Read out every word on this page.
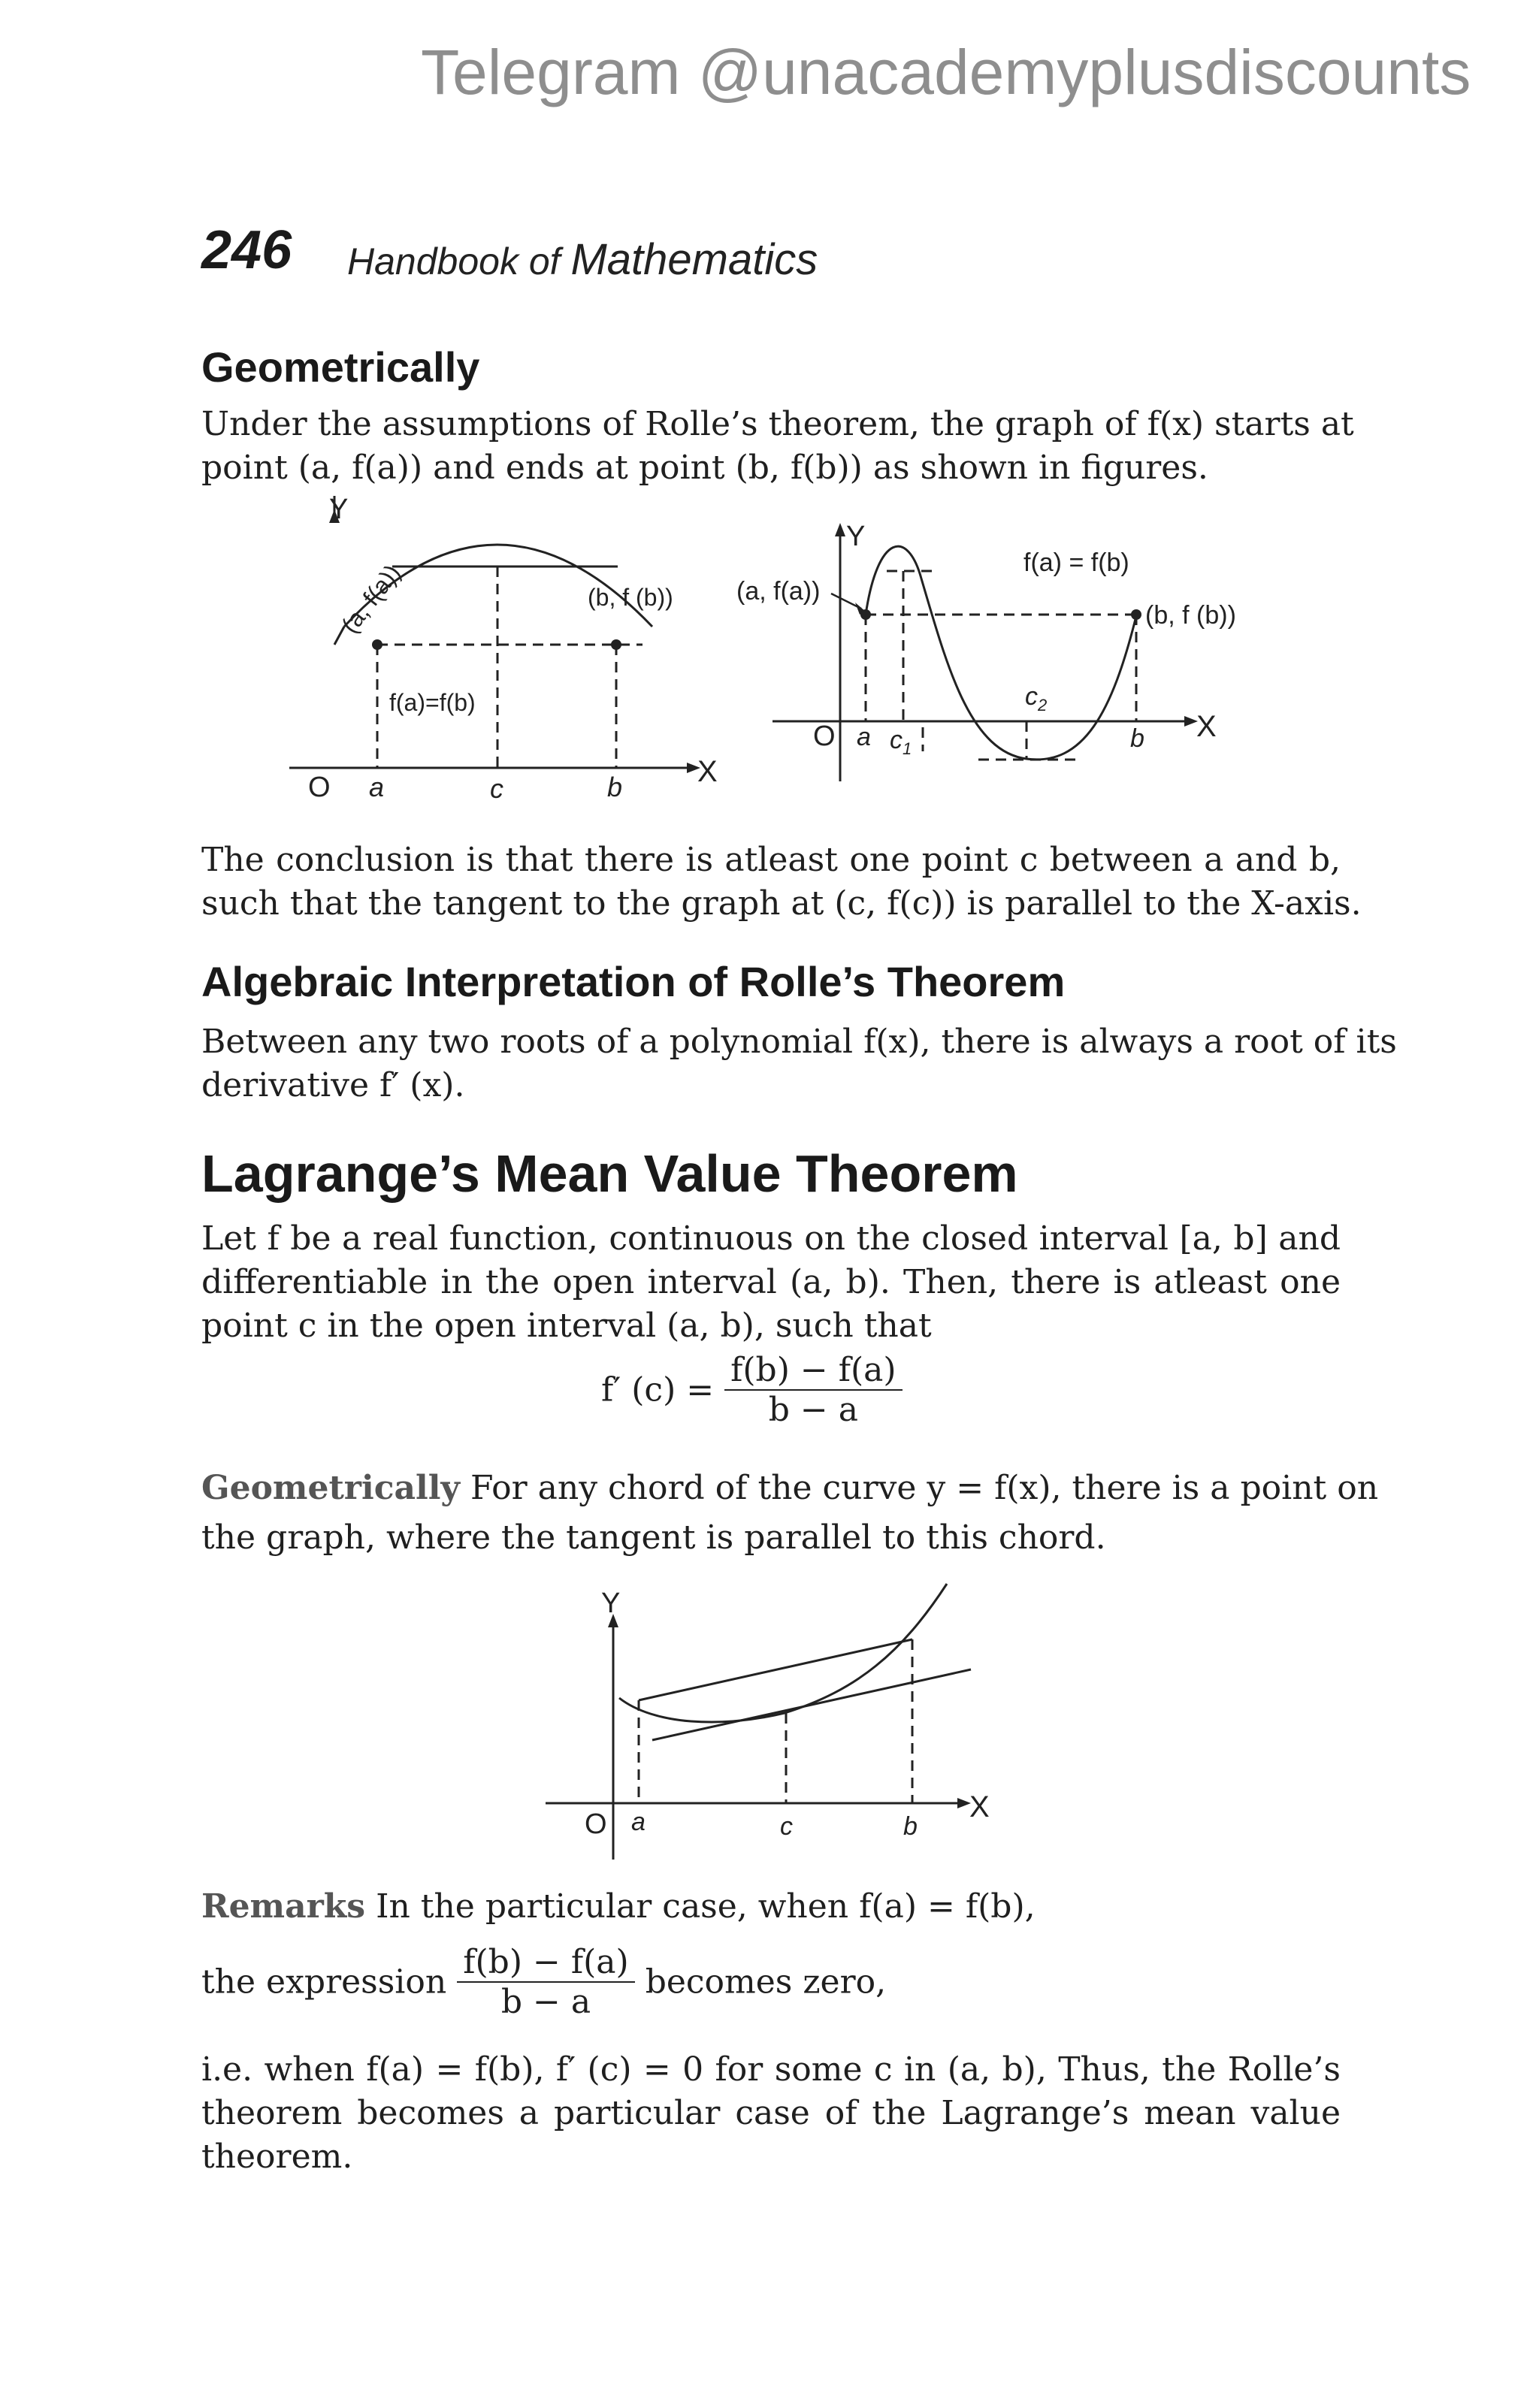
Telegram @unacademyplusdiscounts
246 Handbook of Mathematics
Geometrically
Under the assumptions of Rolle’s theorem, the graph of f(x) starts at
point (a, f(a)) and ends at point (b, f(b)) as shown in figures.
Y
X
O a	c	b
f(a)=f(b)
(b, f (b))
(a, f(a))
Y
X
O a $c_1$
$c_2$
b
(a, f(a))
f(a) = f(b)
(b, f (b))
The conclusion is that there is atleast one point c between a and b,
such that the tangent to the graph at (c, f(c)) is parallel to the X-axis.
Algebraic Interpretation of Rolle’s Theorem
Between any two roots of a polynomial f(x), there is always a root of its
derivative f′ (x).
Lagrange’s Mean Value Theorem
Let f be a real function, continuous on the closed interval [a, b] and
differentiable in the open interval (a, b). Then, there is atleast one
point c in the open interval (a, b), such that
f′ $(c) = \frac{f(b) - f(a)}{b - a}$
Geometrically For any chord of the curve y = f(x), there is a point on
the graph, where the tangent is parallel to this chord.
Y
X
O a	c	b
Remarks In the particular case, when f(a) = f(b),
the expression $\frac{f(b) - f(a)}{b - a}$ becomes zero,
i.e. when f(a) = f(b), f′ (c) = 0 for some c in (a, b), Thus, the Rolle’s
theorem becomes a particular case of the Lagrange’s mean value
theorem.
